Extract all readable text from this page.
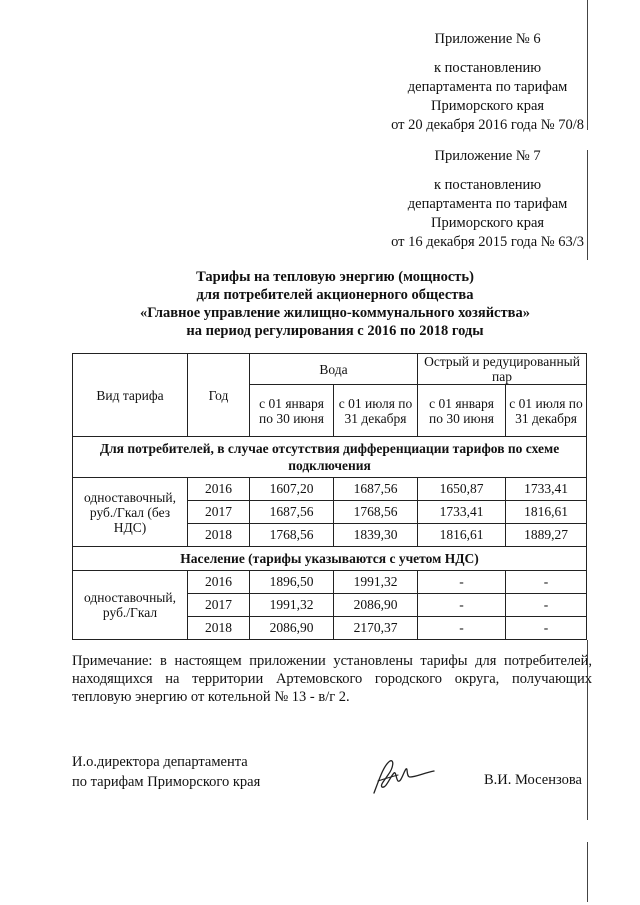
Приложение № 6
к постановлению
департамента по тарифам
Приморского края
от 20 декабря 2016 года № 70/8
Приложение № 7
к постановлению
департамента по тарифам
Приморского края
от 16 декабря 2015 года № 63/3
Тарифы на тепловую энергию (мощность)
для потребителей акционерного общества
«Главное управление жилищно-коммунального хозяйства»
на период регулирования с 2016 по 2018 годы
Вид тарифа	Год	Вода		Острый и редуцированный пар	
		с 01 января по 30 июня	с 01 июля по 31 декабря	с 01 января по 30 июня	с 01 июля по 31 декабря
Для потребителей, в случае отсутствия дифференциации тарифов по схеме подключения					
одноставочный, руб./Гкал (без НДС)	2016	1607,20	1687,56	1650,87	1733,41
	2017	1687,56	1768,56	1733,41	1816,61
	2018	1768,56	1839,30	1816,61	1889,27
Население (тарифы указываются с учетом НДС)					
одноставочный, руб./Гкал	2016	1896,50	1991,32	-	-
	2017	1991,32	2086,90	-	-
	2018	2086,90	2170,37	-	-
Примечание: в настоящем приложении установлены тарифы для потребителей, находящихся на территории Артемовского городского округа, получающих тепловую энергию от котельной № 13 - в/г 2.
И.о.директора департамента
по тарифам Приморского края	В.И. Мосензова
